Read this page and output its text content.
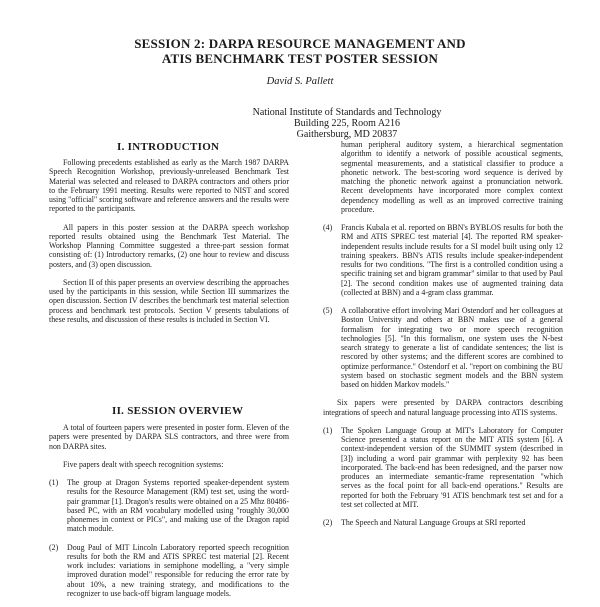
SESSION 2: DARPA RESOURCE MANAGEMENT AND
ATIS BENCHMARK TEST POSTER SESSION
David S. Pallett
National Institute of Standards and Technology
Building 225, Room A216
Gaithersburg, MD 20837
I. INTRODUCTION

Following precedents established as early as the March 1987 DARPA Speech Recognition Workshop, previously-unreleased Benchmark Test Material was selected and released to DARPA contractors and others prior to the February 1991 meeting. Results were reported to NIST and scored using "official" scoring software and reference answers and the results were reported to the participants.

All papers in this poster session at the DARPA speech workshop reported results obtained using the Benchmark Test Material. The Workshop Planning Committee suggested a three-part session format consisting of: (1) Introductory remarks, (2) one hour to review and discuss posters, and (3) open discussion.

Section II of this paper presents an overview describing the approaches used by the participants in this session, while Section III summarizes the open discussion. Section IV describes the benchmark test material selection process and benchmark test protocols. Section V presents tabulations of these results, and discussion of these results is included in Section VI.

II. SESSION OVERVIEW

A total of fourteen papers were presented in poster form. Eleven of the papers were presented by DARPA SLS contractors, and three were from non DARPA sites.

Five papers dealt with speech recognition systems:

(1) The group at Dragon Systems reported speaker-dependent system results for the Resource Management (RM) test set, using the word-pair grammar [1]. Dragon's results were obtained on a 25 Mhz 80486-based PC, with an RM vocabulary modelled using "roughly 30,000 phonemes in context or PICs", and making use of the Dragon rapid match module.
(2) Doug Paul of MIT Lincoln Laboratory reported speech recognition results for both the RM and ATIS SPREC test material [2]. Recent work includes: variations in semiphone modelling, a "very simple improved duration model" responsible for reducing the error rate by about 10%, a new training strategy, and modifications to the recognizer to use back-off bigram language models.

human peripheral auditory system, a hierarchical segmentation algorithm to identify a network of possible acoustical segments, segmental measurements, and a statistical classifier to produce a phonetic network. The best-scoring word sequence is derived by matching the phonetic network against a pronunciation network. Recent developments have incorporated more complex context dependency modelling as well as an improved corrective training procedure.

(4) Francis Kubala et al. reported on BBN's BYBLOS results for both the RM and ATIS SPREC test material [4]. The reported RM speaker-independent results include results for a SI model built using only 12 training speakers. BBN's ATIS results include speaker-independent results for two conditions. "The first is a controlled condition using a specific training set and bigram grammar" similar to that used by Paul [2]. The second condition makes use of augmented training data (collected at BBN) and a 4-gram class grammar.
(5) A collaborative effort involving Mari Ostendorf and her colleagues at Boston University and others at BBN makes use of a general formalism for integrating two or more speech recognition technologies [5]. "In this formalism, one system uses the N-best search strategy to generate a list of candidate sentences; the list is rescored by other systems; and the different scores are combined to optimize performance." Ostendorf et al. "report on combining the BU system based on stochastic segment models and the BBN system based on hidden Markov models."

Six papers were presented by DARPA contractors describing integrations of speech and natural language processing into ATIS systems.

(1) The Spoken Language Group at MIT's Laboratory for Computer Science presented a status report on the MIT ATIS system [6]. A context-independent version of the SUMMIT system (described in [3]) including a word pair grammar with perplexity 92 has been incorporated. The back-end has been redesigned, and the parser now produces an intermediate semantic-frame representation "which serves as the focal point for all back-end operations." Results are reported for both the February '91 ATIS benchmark test set and for a test set collected at MIT.
(2) The Speech and Natural Language Groups at SRI reported
